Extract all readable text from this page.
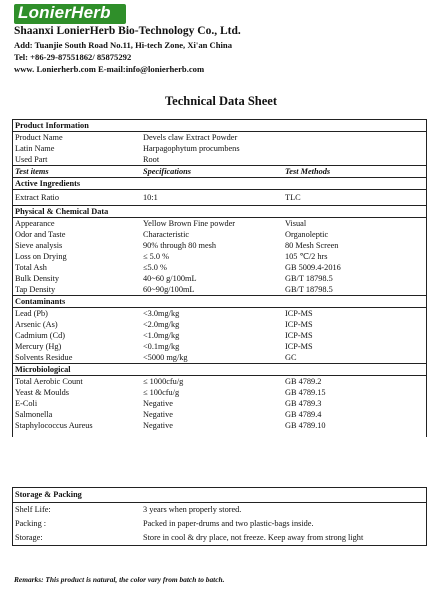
LonierHerb
Shaanxi LonierHerb Bio-Technology Co., Ltd.
Add: Tuanjie South Road No.11, Hi-tech Zone, Xi'an China
Tel: +86-29-87551862/ 85875292
www. Lonierherb.com E-mail:info@lonierherb.com
Technical Data Sheet
Product Information
Product Name	Devels claw Extract Powder
Latin Name	Harpagophytum procumbens
Used Part	Root
Test items	Specifications	Test Methods
Active Ingredients
Extract Ratio	10:1	TLC
Physical & Chemical Data
Appearance	Yellow Brown Fine powder	Visual
Odor and Taste	Characteristic	Organoleptic
Sieve analysis	90% through 80 mesh	80 Mesh Screen
Loss on Drying	≤ 5.0 %	105 ℃/2 hrs
Total Ash	≤5.0 %	GB 5009.4-2016
Bulk Density	40~60 g/100mL	GB/T 18798.5
Tap Density	60~90g/100mL	GB/T 18798.5
Contaminants
Lead (Pb)	<3.0mg/kg	ICP-MS
Arsenic (As)	<2.0mg/kg	ICP-MS
Cadmium (Cd)	<1.0mg/kg	ICP-MS
Mercury (Hg)	<0.1mg/kg	ICP-MS
Solvents Residue	<5000 mg/kg	GC
Microbiological
Total Aerobic Count	≤ 1000cfu/g	GB 4789.2
Yeast & Moulds	≤ 100cfu/g	GB 4789.15
E-Coli	Negative	GB 4789.3
Salmonella	Negative	GB 4789.4
Staphylococcus Aureus	Negative	GB 4789.10
Storage & Packing
Shelf Life:	3 years when properly stored.
Packing :	Packed in paper-drums and two plastic-bags inside.
Storage:	Store in cool & dry place, not freeze. Keep away from strong light
Remarks: This product is natural, the color vary from batch to batch.
